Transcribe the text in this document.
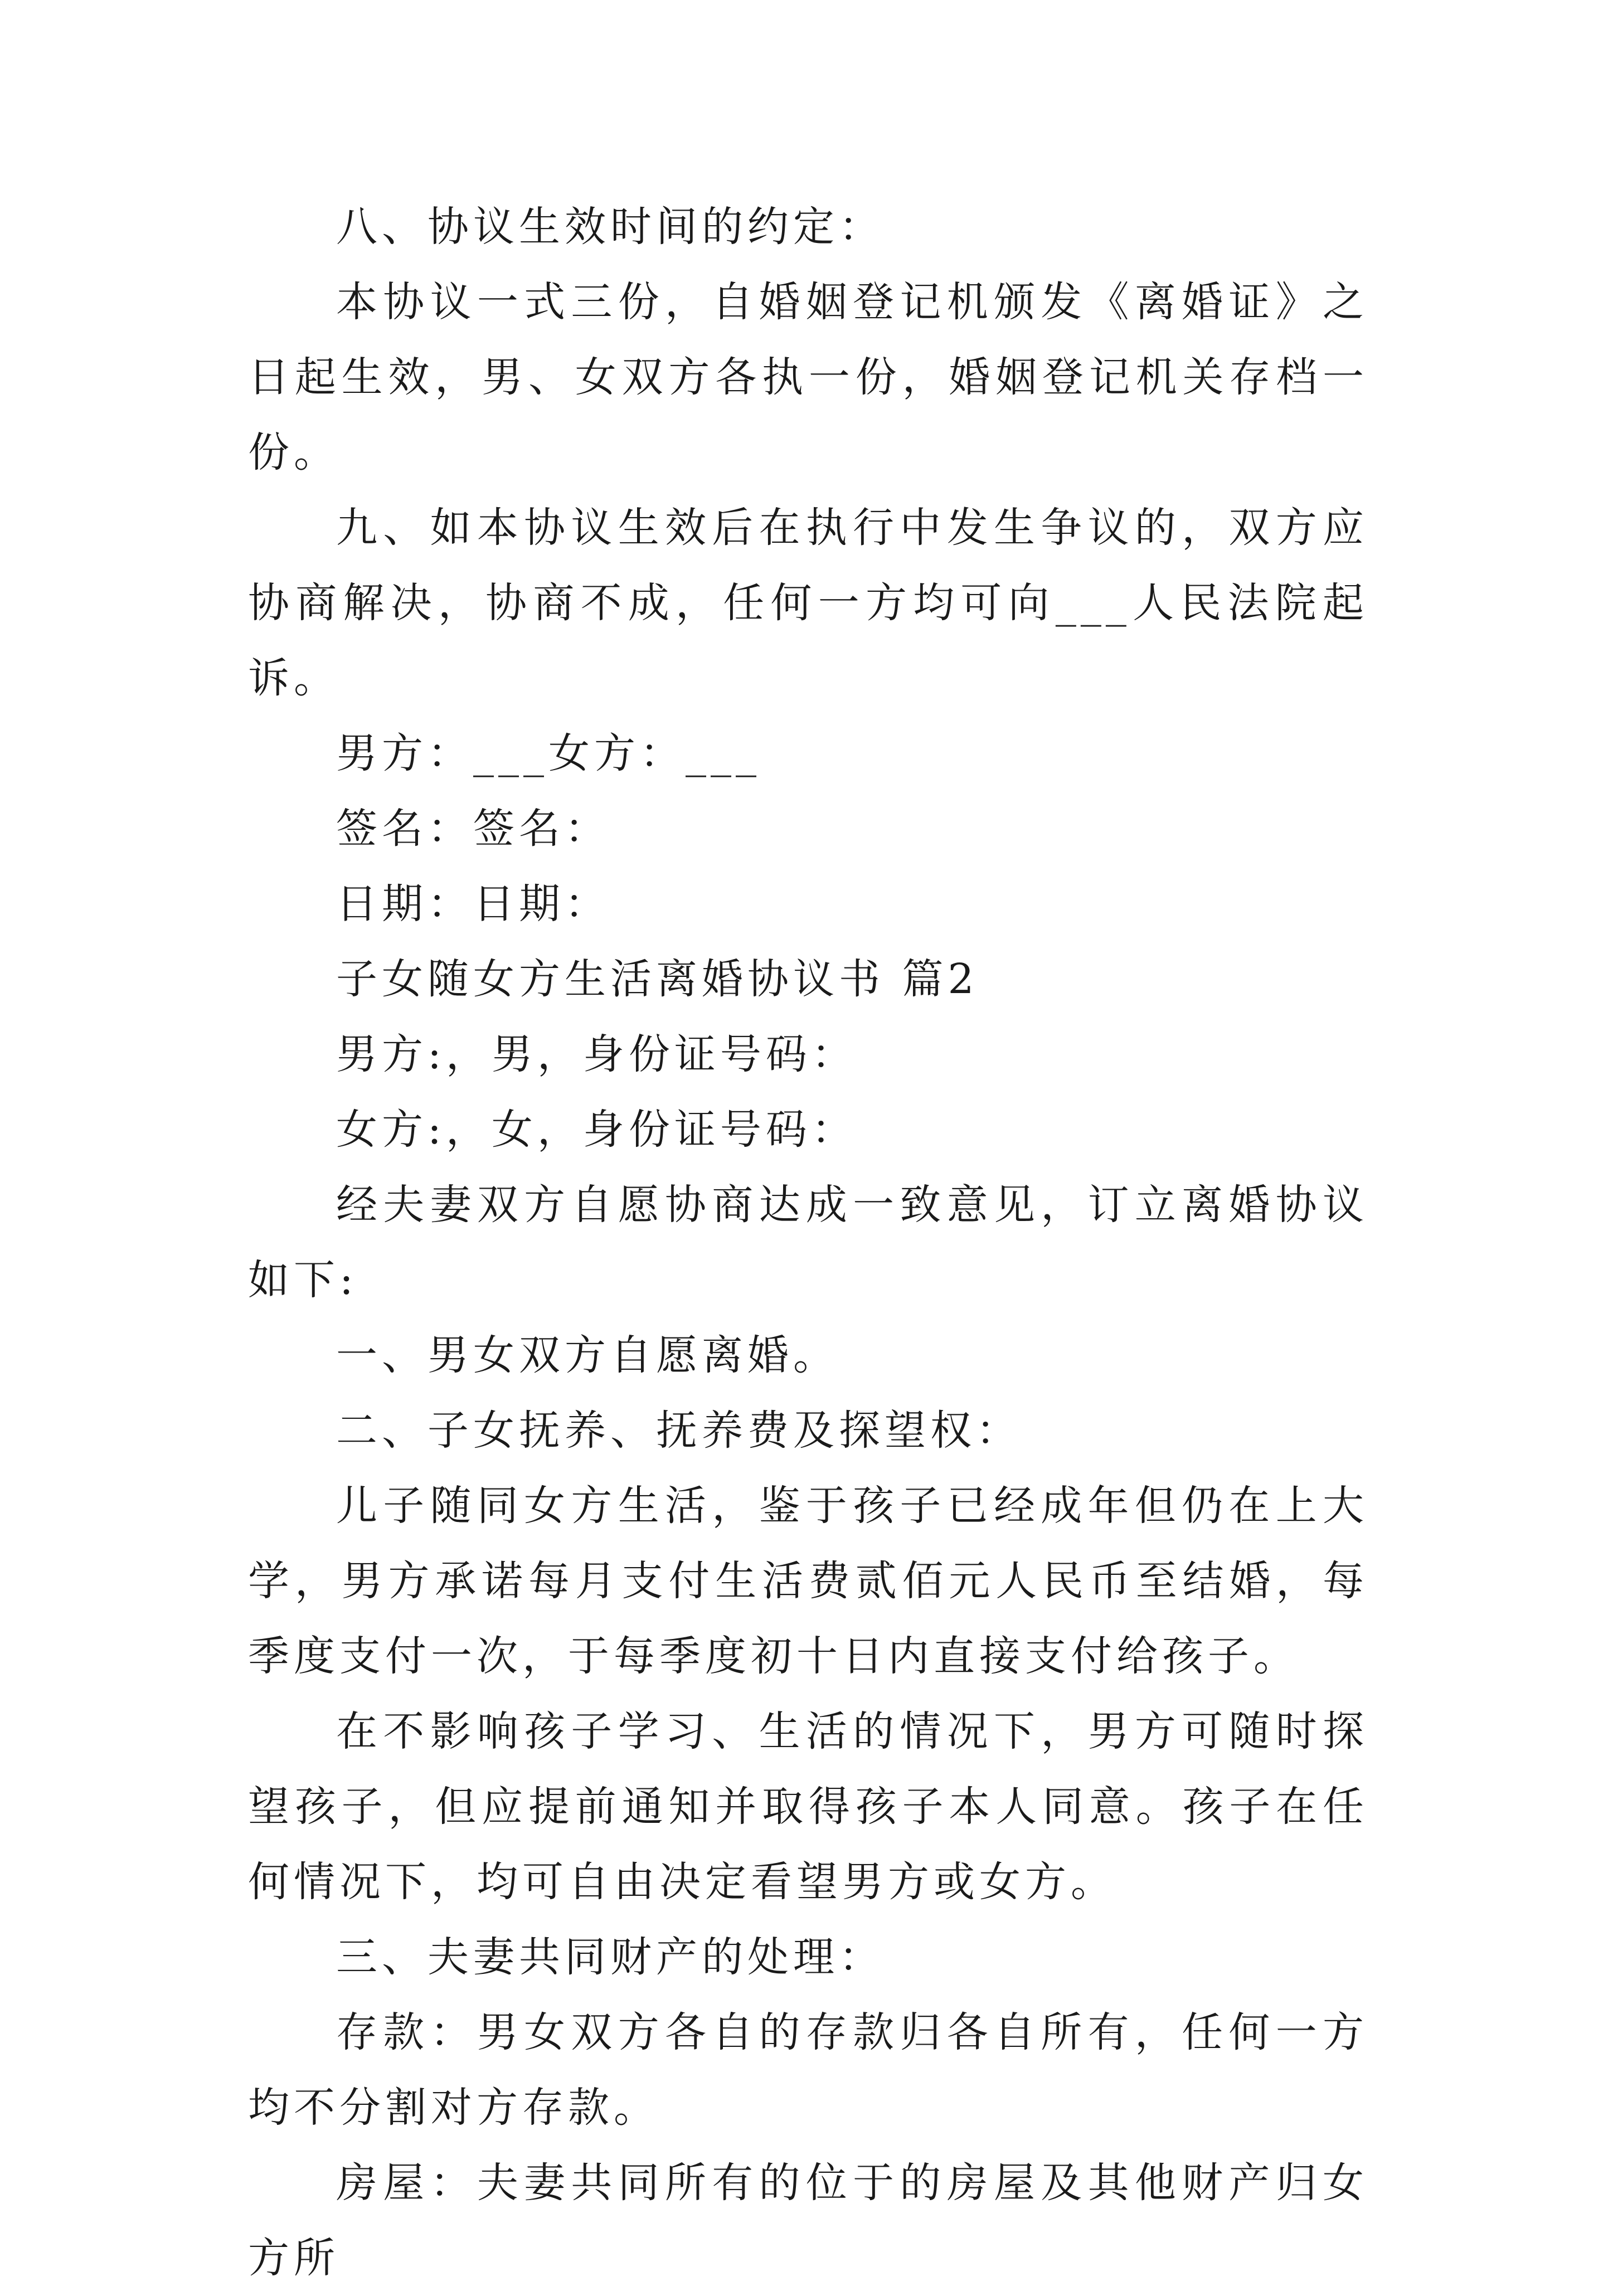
八、协议生效时间的约定：

本协议一式三份，自婚姻登记机颁发《离婚证》之日起生效，男、女双方各执一份，婚姻登记机关存档一份。

九、如本协议生效后在执行中发生争议的，双方应协商解决，协商不成，任何一方均可向___人民法院起诉。

男方：___女方：___

签名：签名：

日期：日期：

子女随女方生活离婚协议书 篇2

男方:，男，身份证号码：

女方:，女，身份证号码：

经夫妻双方自愿协商达成一致意见，订立离婚协议如下:

一、男女双方自愿离婚。

二、子女抚养、抚养费及探望权：

儿子随同女方生活，鉴于孩子已经成年但仍在上大学，男方承诺每月支付生活费贰佰元人民币至结婚，每季度支付一次，于每季度初十日内直接支付给孩子。

在不影响孩子学习、生活的情况下，男方可随时探望孩子，但应提前通知并取得孩子本人同意。孩子在任何情况下，均可自由决定看望男方或女方。

三、夫妻共同财产的处理：

存款：男女双方各自的存款归各自所有，任何一方均不分割对方存款。

房屋：夫妻共同所有的位于的房屋及其他财产归女方所
